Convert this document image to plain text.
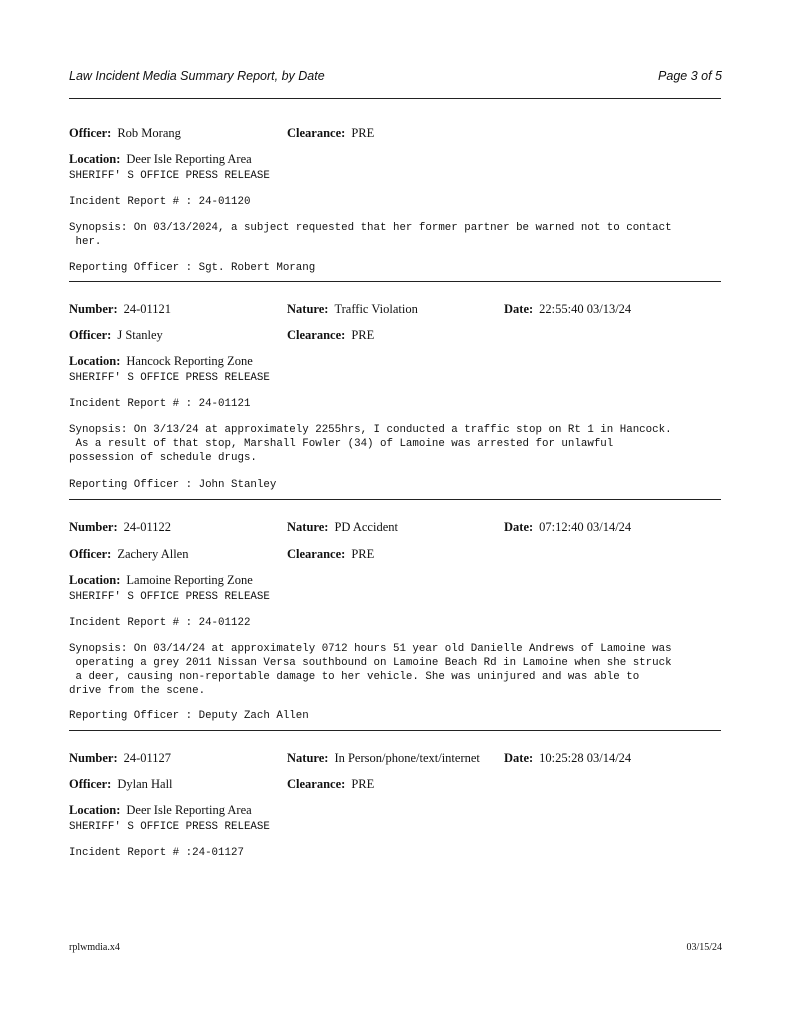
Law Incident Media Summary Report, by Date	Page 3 of 5
Officer: Rob Morang	Clearance: PRE
Location: Deer Isle Reporting Area
SHERIFF' S OFFICE PRESS RELEASE
Incident Report # : 24-01120
Synopsis: On 03/13/2024, a subject requested that her former partner be warned not to contact
her.
Reporting Officer : Sgt. Robert Morang
Number: 24-01121	Nature: Traffic Violation	Date: 22:55:40 03/13/24
Officer: J Stanley	Clearance: PRE
Location: Hancock Reporting Zone
SHERIFF' S OFFICE PRESS RELEASE
Incident Report # : 24-01121
Synopsis: On 3/13/24 at approximately 2255hrs, I conducted a traffic stop on Rt 1 in Hancock.
As a result of that stop, Marshall Fowler (34) of Lamoine was arrested for unlawful
possession of schedule drugs.
Reporting Officer : John Stanley
Number: 24-01122	Nature: PD Accident	Date: 07:12:40 03/14/24
Officer: Zachery Allen	Clearance: PRE
Location: Lamoine Reporting Zone
SHERIFF' S OFFICE PRESS RELEASE
Incident Report # : 24-01122
Synopsis: On 03/14/24 at approximately 0712 hours 51 year old Danielle Andrews of Lamoine was
operating a grey 2011 Nissan Versa southbound on Lamoine Beach Rd in Lamoine when she struck
a deer, causing non-reportable damage to her vehicle. She was uninjured and was able to
drive from the scene.
Reporting Officer : Deputy Zach Allen
Number: 24-01127	Nature: In Person/phone/text/internet Date: 10:25:28 03/14/24
Officer: Dylan Hall	Clearance: PRE
Location: Deer Isle Reporting Area
SHERIFF' S OFFICE PRESS RELEASE
Incident Report # :24-01127
rplwmdia.x4	03/15/24
